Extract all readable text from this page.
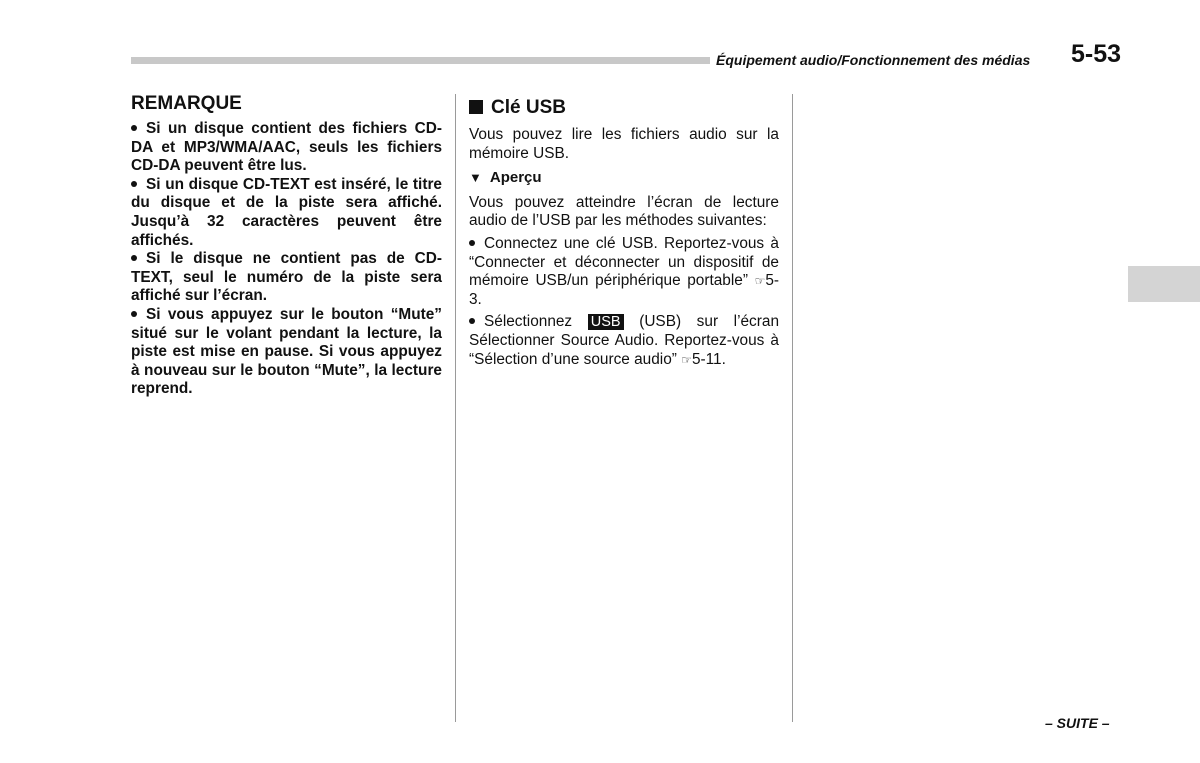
Équipement audio/Fonctionnement des médias	5-53
REMARQUE

Si un disque contient des fichiers CD-DA et MP3/WMA/AAC, seuls les fichiers CD-DA peuvent être lus.

Si un disque CD-TEXT est inséré, le titre du disque et de la piste sera affiché. Jusqu’à 32 caractères peuvent être affichés.

Si le disque ne contient pas de CD-TEXT, seul le numéro de la piste sera affiché sur l’écran.

Si vous appuyez sur le bouton “Mute” situé sur le volant pendant la lecture, la piste est mise en pause. Si vous appuyez à nouveau sur le bouton “Mute”, la lecture reprend.

Clé USB

Vous pouvez lire les fichiers audio sur la mémoire USB.

▼ Aperçu

Vous pouvez atteindre l’écran de lecture audio de l’USB par les méthodes suivantes:

Connectez une clé USB. Reportez-vous à “Connecter et déconnecter un dispositif de mémoire USB/un périphérique portable” ☞5-3.

Sélectionnez USB (USB) sur l’écran Sélectionner Source Audio. Reportez-vous à “Sélection d’une source audio” ☞5-11.

– SUITE –
